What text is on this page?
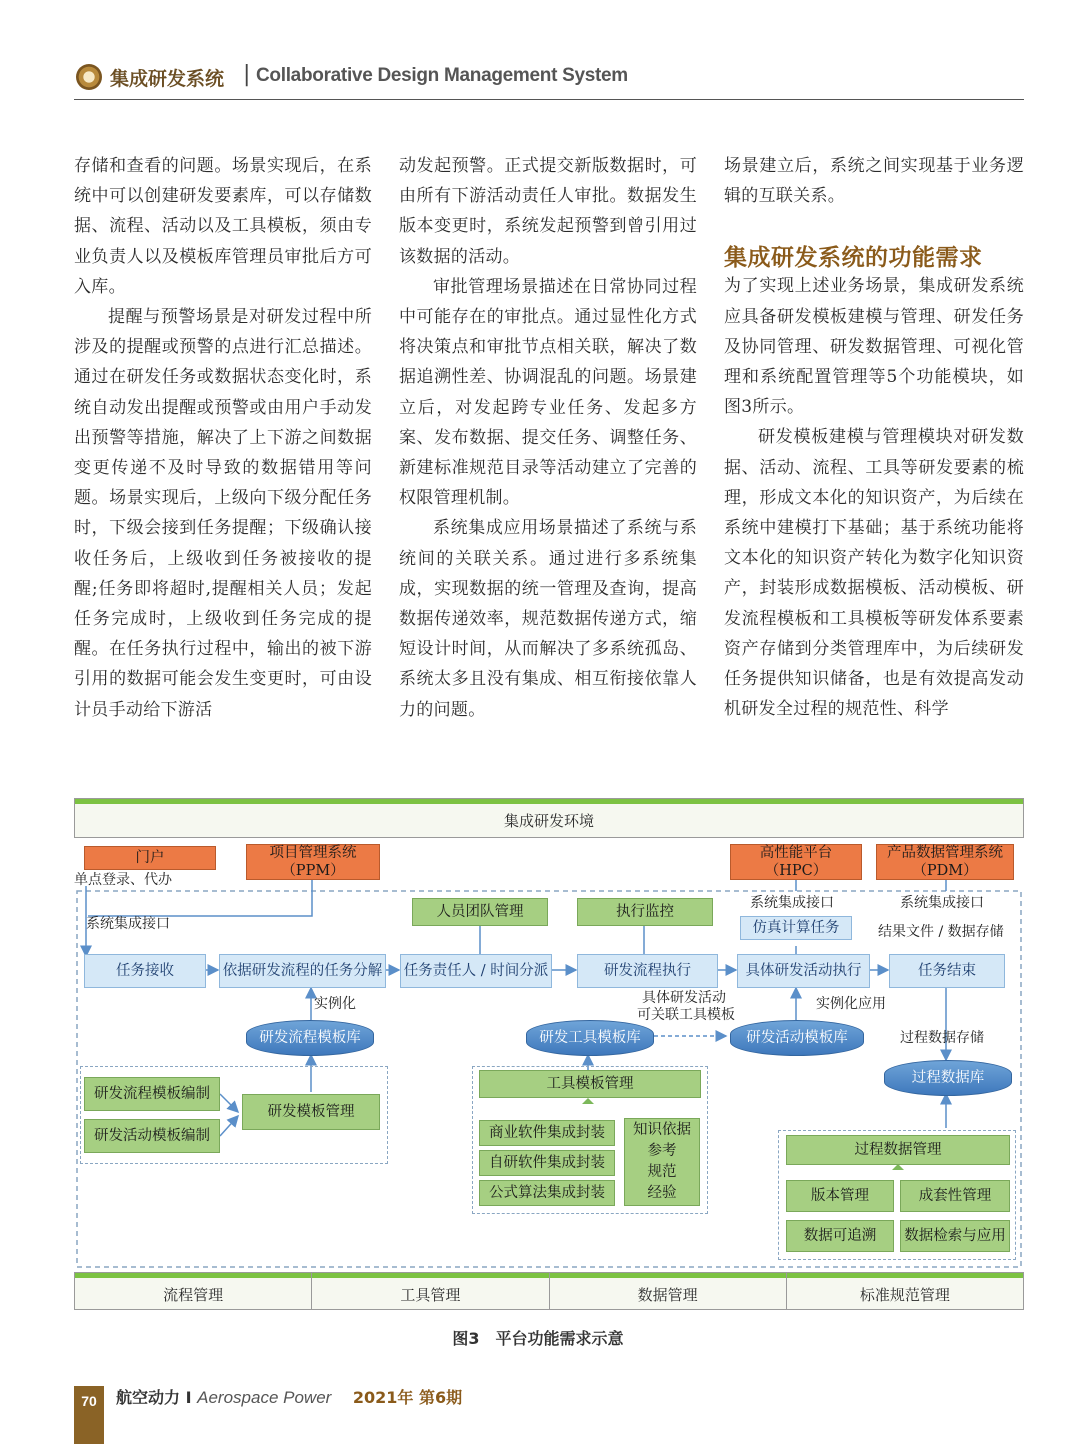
集成研发系统 | Collaborative Design Management System

存储和查看的问题。场景实现后，在系统中可以创建研发要素库，可以存储数据、流程、活动以及工具模板，须由专业负责人以及模板库管理员审批后方可入库。

提醒与预警场景是对研发过程中所涉及的提醒或预警的点进行汇总描述。通过在研发任务或数据状态变化时，系统自动发出提醒或预警或由用户手动发出预警等措施，解决了上下游之间数据变更传递不及时导致的数据错用等问题。场景实现后，上级向下级分配任务时，下级会接到任务提醒；下级确认接收任务后，上级收到任务被接收的提醒;任务即将超时,提醒相关人员；发起任务完成时，上级收到任务完成的提醒。在任务执行过程中，输出的被下游引用的数据可能会发生变更时，可由设计员手动给下游活

动发起预警。正式提交新版数据时，可由所有下游活动责任人审批。数据发生版本变更时，系统发起预警到曾引用过该数据的活动。

审批管理场景描述在日常协同过程中可能存在的审批点。通过显性化方式将决策点和审批节点相关联，解决了数据追溯性差、协调混乱的问题。场景建立后，对发起跨专业任务、发起多方案、发布数据、提交任务、调整任务、新建标准规范目录等活动建立了完善的权限管理机制。

系统集成应用场景描述了系统与系统间的关联关系。通过进行多系统集成，实现数据的统一管理及查询，提高数据传递效率，规范数据传递方式，缩短设计时间，从而解决了多系统孤岛、系统太多且没有集成、相互衔接依靠人力的问题。

场景建立后，系统之间实现基于业务逻辑的互联关系。

集成研发系统的功能需求

为了实现上述业务场景，集成研发系统应具备研发模板建模与管理、研发任务及协同管理、研发数据管理、可视化管理和系统配置管理等5个功能模块，如图3所示。

研发模板建模与管理模块对研发数据、活动、流程、工具等研发要素的梳理，形成文本化的知识资产，为后续在系统中建模打下基础；基于系统功能将文本化的知识资产转化为数字化知识资产，封装形成数据模板、活动模板、研发流程模板和工具模板等研发体系要素资产存储到分类管理库中，为后续研发任务提供知识储备，也是有效提高发动机研发全过程的规范性、科学

集成研发环境
门户	项目管理系统
（PPM）
高性能平台
（HPC）
产品数据管理系统
（PDM）
单点登录、代办
系统集成接口
系统集成接口	系统集成接口
结果文件 / 数据存储
人员团队管理	执行监控
仿真计算任务
任务接收	依据研发流程的任务分解 任务责任人 / 时间分派	研发流程执行	具体研发活动执行	任务结束
实例化	具体研发活动
可关联工具模板
实例化应用
过程数据存储
研发流程模板库	研发工具模板库	研发活动模板库
过程数据库
研发流程模板编制
研发活动模板编制
研发模板管理
工具模板管理
商业软件集成封装
自研软件集成封装
公式算法集成封装
知识依据
参考
规范
经验
过程数据管理
版本管理	成套性管理
数据可追溯	数据检索与应用
流程管理	工具管理	数据管理	标准规范管理
图3　平台功能需求示意
70	航空动力 I Aerospace Power 2021年 第6期
